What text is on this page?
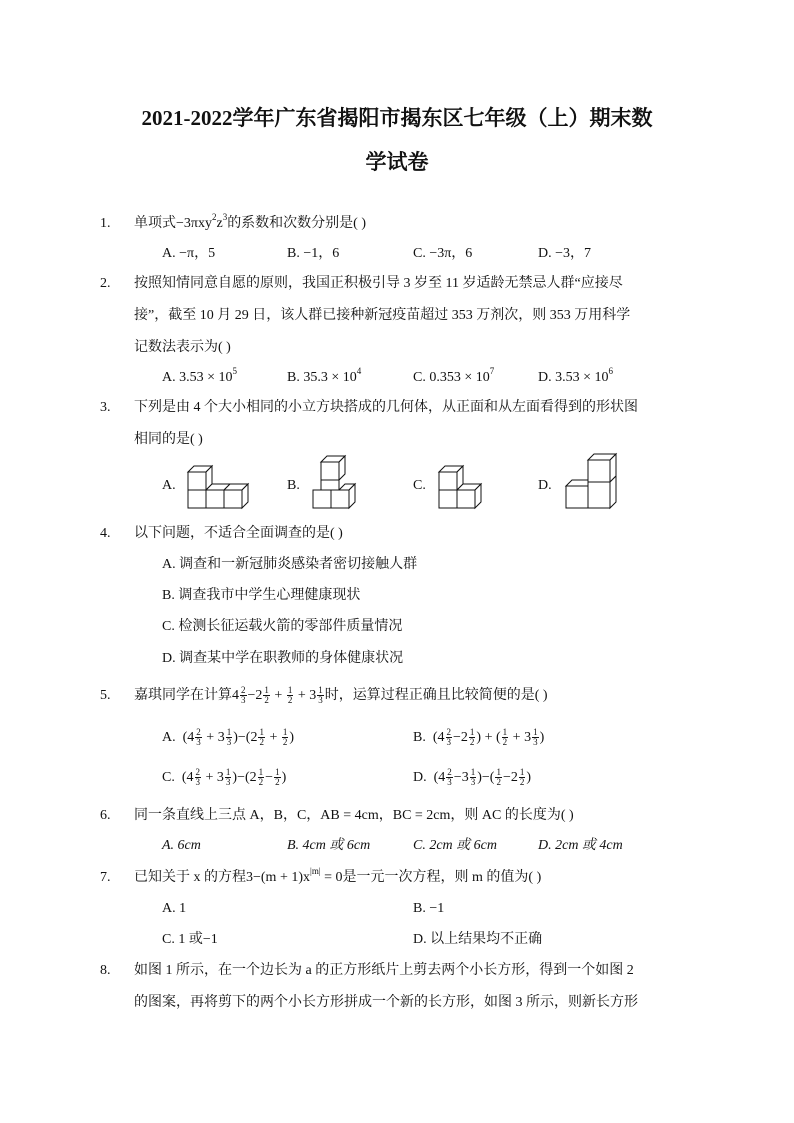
2021-2022学年广东省揭阳市揭东区七年级（上）期末数
学试卷
1. 单项式$-3\pi xy^2z^3$的系数和次数分别是( )
A. −π，5	B. −1，6	C. −3π，6	D. −3，7
2. 按照知情同意自愿的原则，我国正积极引导 3 岁至 11 岁适龄无禁忌人群“应接尽
接”，截至 10 月 29 日，该人群已接种新冠疫苗超过 353 万剂次，则 353 万用科学
记数法表示为( )
A. $3.53 \times 10^5$	B. $35.3 \times 10^4$	C. $0.353 \times 10^7$	D. $3.53 \times 10^6$
3. 下列是由 4 个大小相同的小立方块搭成的几何体，从正面和从左面看得到的形状图
相同的是( )
A.	B.	C.	D.
4. 以下问题，不适合全面调查的是( )
A. 调查和一新冠肺炎感染者密切接触人群
B. 调查我市中学生心理健康现状
C. 检测长征运载火箭的零部件质量情况
D. 调查某中学在职教师的身体健康状况
5. 嘉琪同学在计算$4 \frac{2}{3} -2 \frac{1}{2} + \frac{1}{2} + 3 \frac{1}{3}$ 时，运算过程正确且比较简便的是( )
A.  $(4 \frac{2}{3} + 3 \frac{1}{3} )-(2 \frac{1}{2} + \frac{1}{2}$ )	B.  ($4 \frac{2}{3} -2 \frac{1}{2}$ ) + ( $\frac{1}{2} + 3 \frac{1}{3}$ )
C.  $(4 \frac{2}{3} + 3 \frac{1}{3} )-(2 \frac{1}{2} - \frac{1}{2}$ )	D.  ($4 \frac{2}{3} -3 \frac{1}{3}$ )−( $\frac{1}{2} -2 \frac{1}{2}$ )
6. 同一条直线上三点 A，B，C，AB = 4cm，BC = 2cm，则 AC 的长度为( )
A. 6cm	B. 4cm 或 6cm	C. 2cm 或 6cm	D. 2cm 或 4cm
7. 已知关于 x 的方程$3-(m + 1)x^{|m|} = 0$是一元一次方程，则 m 的值为( )
A. 1	B. −1
C. 1 或−1	D. 以上结果均不正确
8. 如图 1 所示，在一个边长为 a 的正方形纸片上剪去两个小长方形，得到一个如图 2
的图案，再将剪下的两个小长方形拼成一个新的长方形，如图 3 所示，则新长方形
